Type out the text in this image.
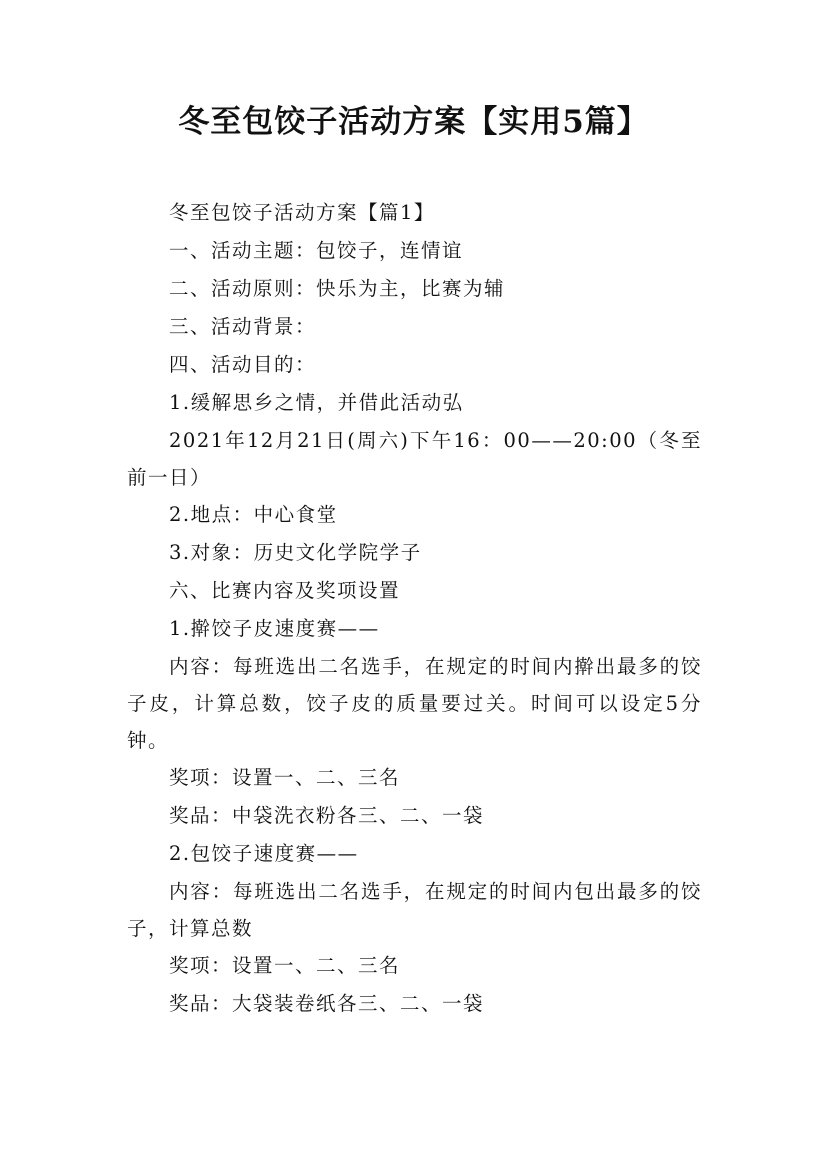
冬至包饺子活动方案【实用5篇】

冬至包饺子活动方案【篇1】

一、活动主题：包饺子，连情谊

二、活动原则：快乐为主，比赛为辅

三、活动背景：

四、活动目的：

1.缓解思乡之情，并借此活动弘

2021年12月21日(周六)下午16：00——20:00（冬至前一日）

2.地点：中心食堂

3.对象：历史文化学院学子

六、比赛内容及奖项设置

1.擀饺子皮速度赛——

内容：每班选出二名选手，在规定的时间内擀出最多的饺子皮，计算总数，饺子皮的质量要过关。时间可以设定5分钟。

奖项：设置一、二、三名

奖品：中袋洗衣粉各三、二、一袋

2.包饺子速度赛——

内容：每班选出二名选手，在规定的时间内包出最多的饺子，计算总数

奖项：设置一、二、三名

奖品：大袋装卷纸各三、二、一袋
